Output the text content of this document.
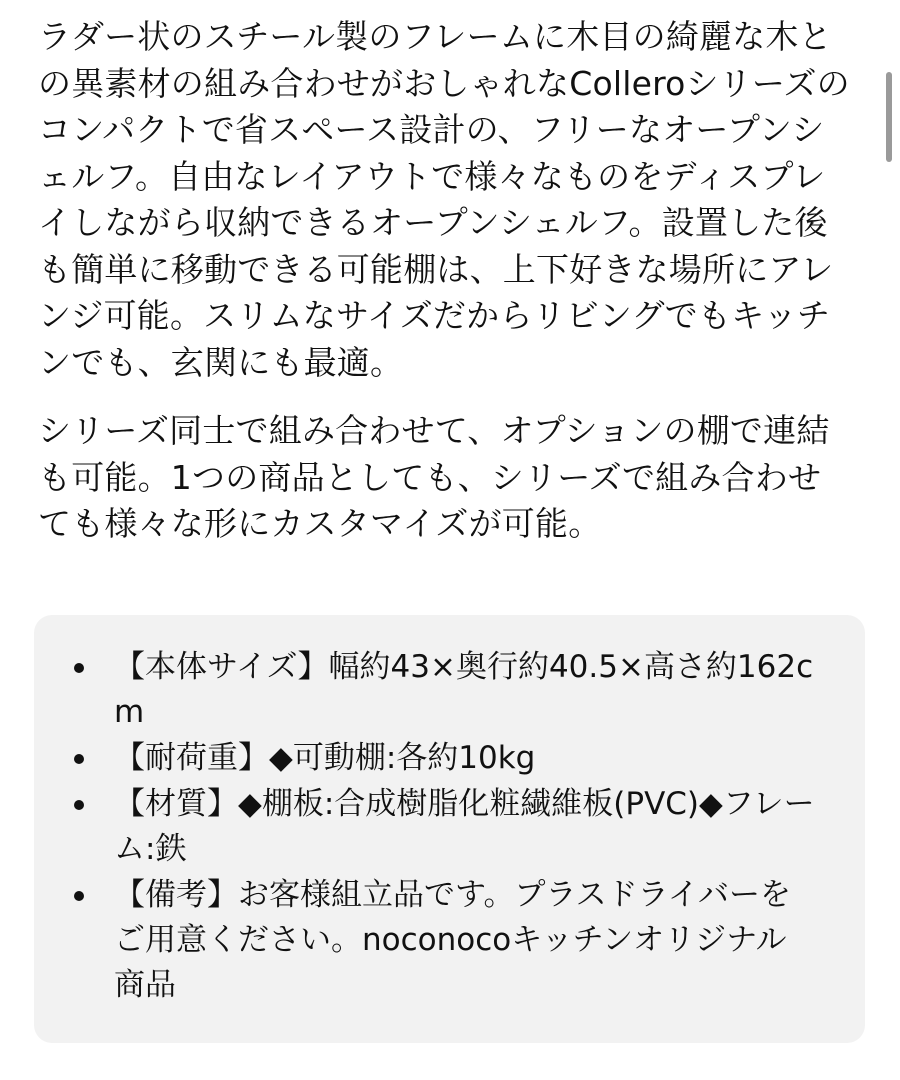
ラダー状のスチール製のフレームに木目の綺麗な木との異素材の組み合わせがおしゃれなColleroシリーズのコンパクトで省スペース設計の、フリーなオープンシェルフ。自由なレイアウトで様々なものをディスプレイしながら収納できるオープンシェルフ。設置した後も簡単に移動できる可能棚は、上下好きな場所にアレンジ可能。スリムなサイズだからリビングでもキッチンでも、玄関にも最適。

シリーズ同士で組み合わせて、オプションの棚で連結も可能。1つの商品としても、シリーズで組み合わせても様々な形にカスタマイズが可能。

【本体サイズ】幅約43×奥行約40.5×高さ約162cm
【耐荷重】◆可動棚:各約10kg
【材質】◆棚板:合成樹脂化粧繊維板(PVC)◆フレーム:鉄
【備考】お客様組立品です。プラスドライバーをご用意ください。noconocoキッチンオリジナル商品
